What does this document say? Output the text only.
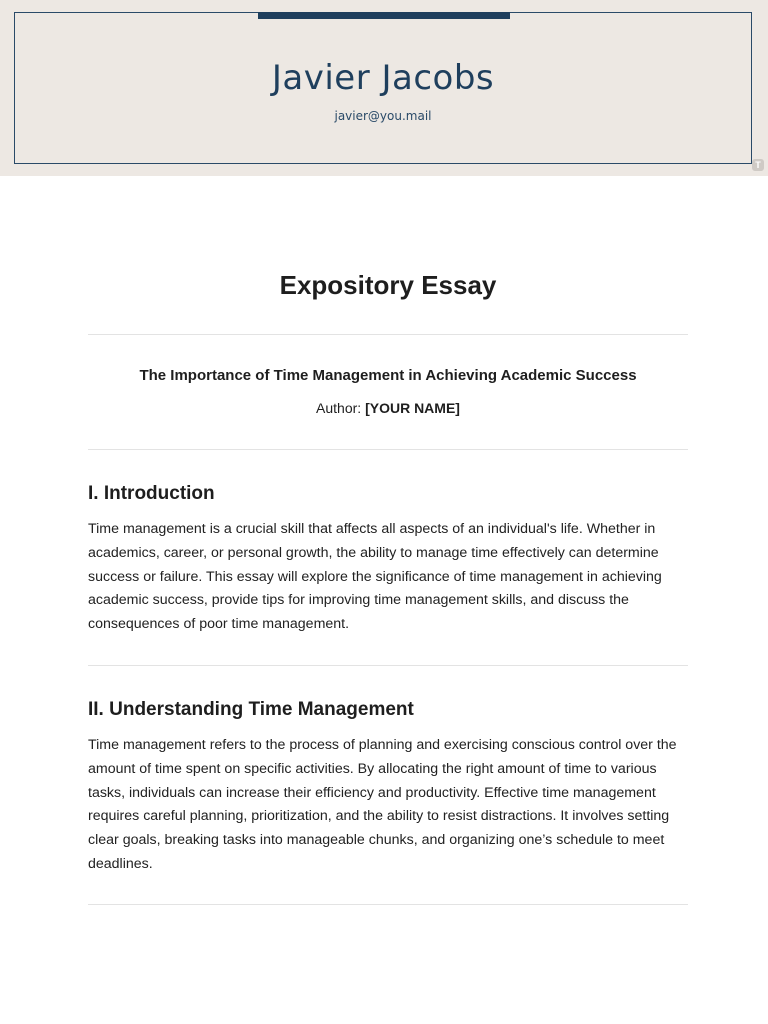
Javier Jacobs
javier@you.mail
T
Expository Essay
The Importance of Time Management in Achieving Academic Success
Author: [YOUR NAME]
I. Introduction

Time management is a crucial skill that affects all aspects of an individual's life. Whether in academics, career, or personal growth, the ability to manage time effectively can determine success or failure. This essay will explore the significance of time management in achieving academic success, provide tips for improving time management skills, and discuss the consequences of poor time management.

II. Understanding Time Management

Time management refers to the process of planning and exercising conscious control over the amount of time spent on specific activities. By allocating the right amount of time to various tasks, individuals can increase their efficiency and productivity. Effective time management requires careful planning, prioritization, and the ability to resist distractions. It involves setting clear goals, breaking tasks into manageable chunks, and organizing one’s schedule to meet deadlines.
